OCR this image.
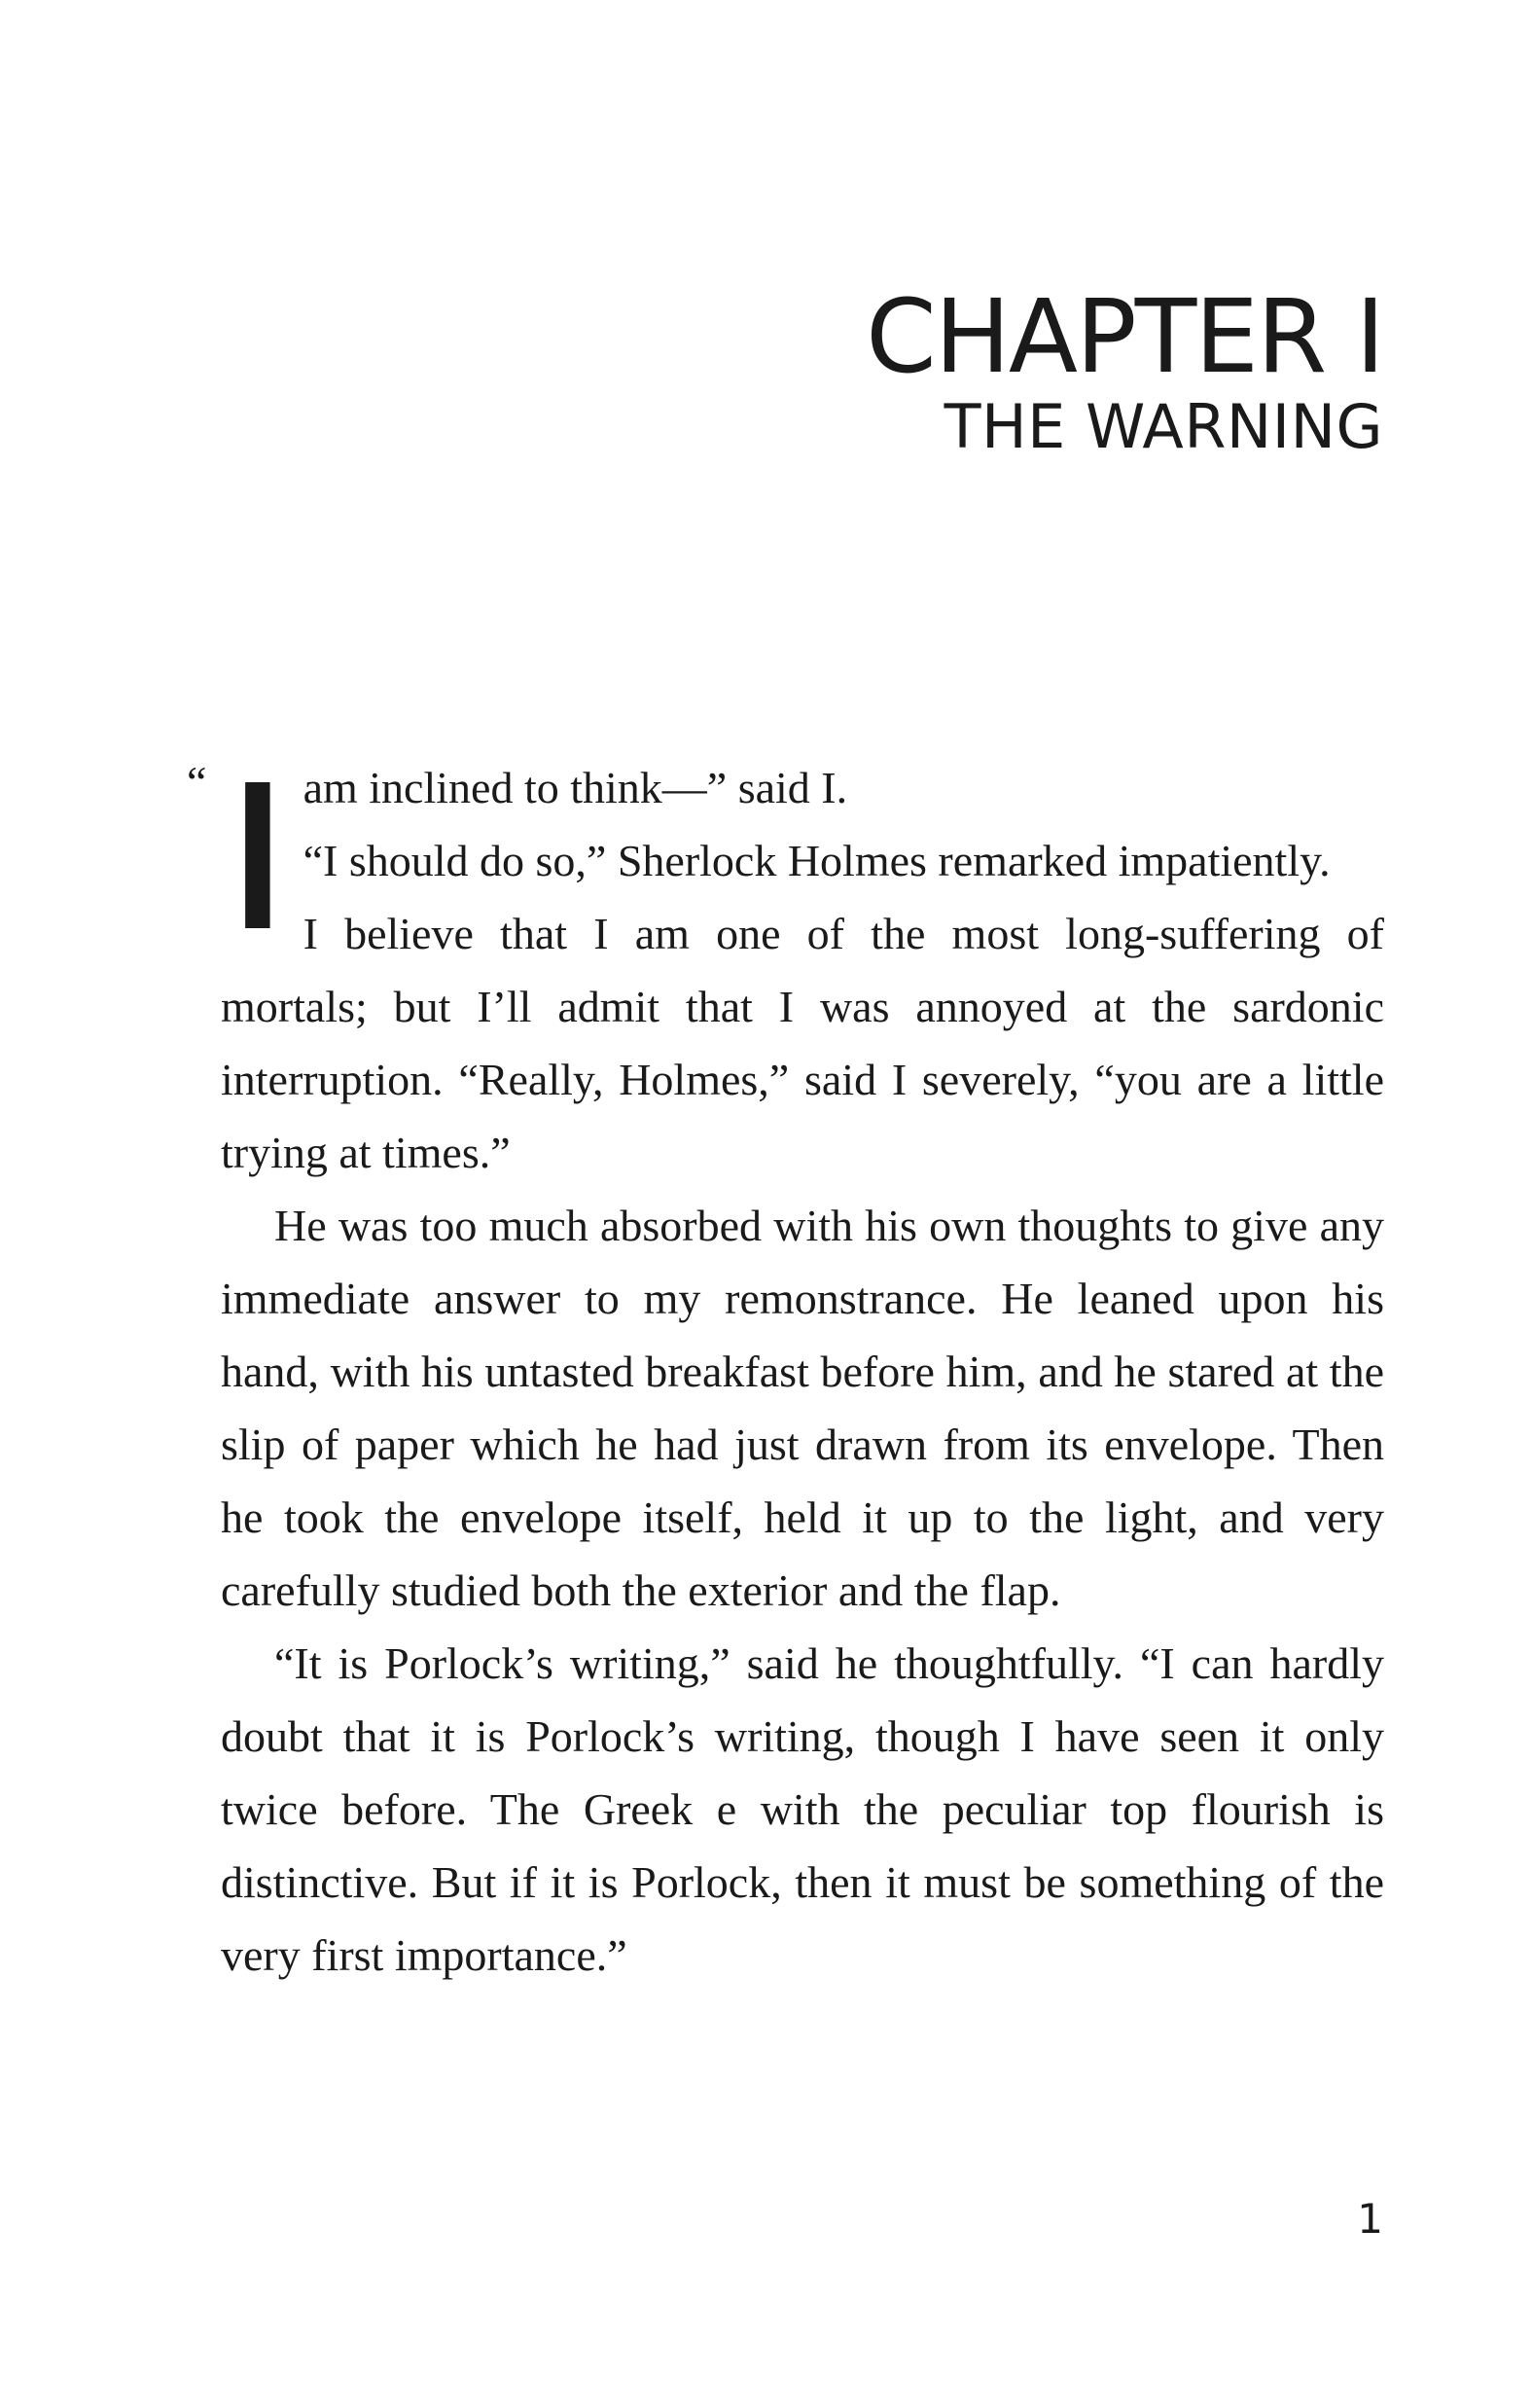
CHAPTER I
THE WARNING

“ I am inclined to think—” said I.

“I should do so,” Sherlock Holmes remarked impatiently.

I believe that I am one of the most long-suffering of mortals; but I’ll admit that I was annoyed at the sardonic interruption. “Really, Holmes,” said I severely, “you are a little trying at times.”

He was too much absorbed with his own thoughts to give any immediate answer to my remonstrance. He leaned upon his hand, with his untasted breakfast before him, and he stared at the slip of paper which he had just drawn from its envelope. Then he took the envelope itself, held it up to the light, and very carefully studied both the exterior and the flap.

“It is Porlock’s writing,” said he thoughtfully. “I can hardly doubt that it is Porlock’s writing, though I have seen it only twice before. The Greek e with the peculiar top flourish is distinctive. But if it is Porlock, then it must be something of the very first importance.”

1
